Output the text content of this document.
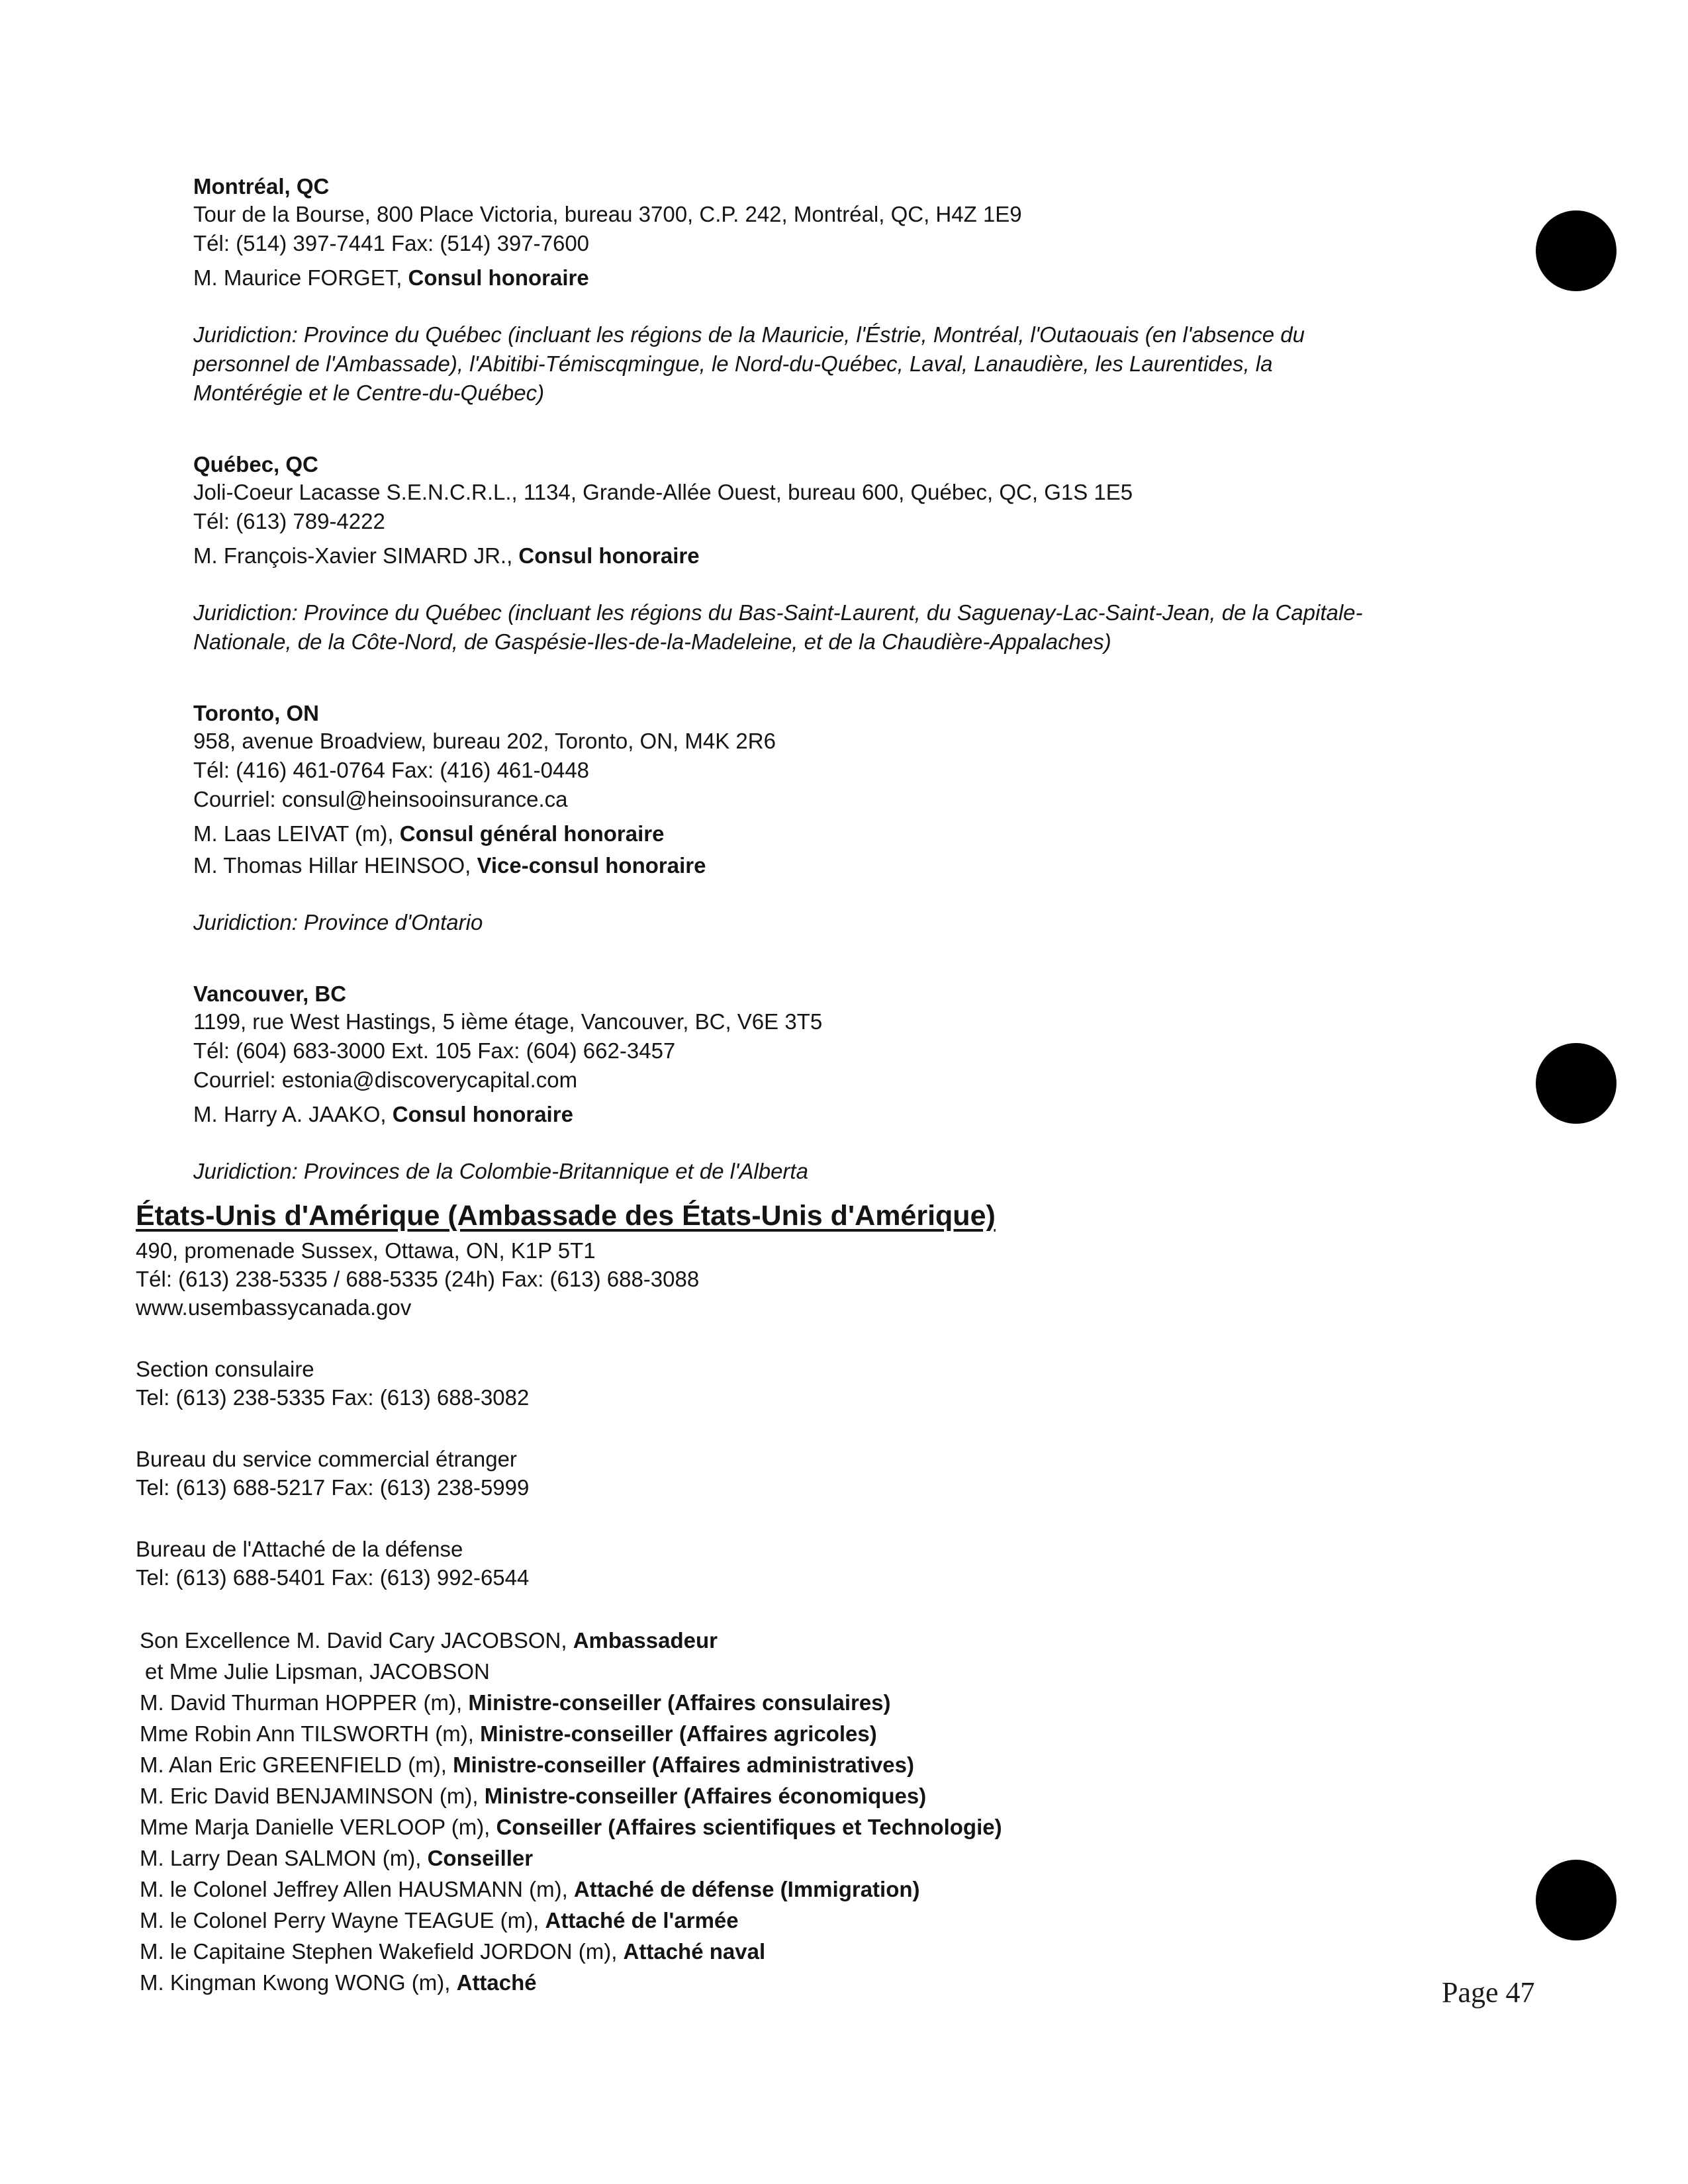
Montréal, QC
Tour de la Bourse, 800 Place Victoria, bureau 3700, C.P. 242, Montréal, QC, H4Z 1E9
Tél: (514) 397-7441 Fax: (514) 397-7600
M. Maurice FORGET, Consul honoraire
Juridiction: Province du Québec (incluant les régions de la Mauricie, l'Éstrie, Montréal, l'Outaouais (en l'absence du
personnel de l'Ambassade), l'Abitibi-Témiscqmingue, le Nord-du-Québec, Laval, Lanaudière, les Laurentides, la
Montérégie et le Centre-du-Québec)
Québec, QC
Joli-Coeur Lacasse S.E.N.C.R.L., 1134, Grande-Allée Ouest, bureau 600, Québec, QC, G1S 1E5
Tél: (613) 789-4222
M. François-Xavier SIMARD JR., Consul honoraire
Juridiction: Province du Québec (incluant les régions du Bas-Saint-Laurent, du Saguenay-Lac-Saint-Jean, de la Capitale-
Nationale, de la Côte-Nord, de Gaspésie-Iles-de-la-Madeleine, et de la Chaudière-Appalaches)
Toronto, ON
958, avenue Broadview, bureau 202, Toronto, ON, M4K 2R6
Tél: (416) 461-0764 Fax: (416) 461-0448
Courriel: consul@heinsooinsurance.ca
M. Laas LEIVAT (m), Consul général honoraire
M. Thomas Hillar HEINSOO, Vice-consul honoraire
Juridiction: Province d'Ontario
Vancouver, BC
1199, rue West Hastings, 5 ième étage, Vancouver, BC, V6E 3T5
Tél: (604) 683-3000 Ext. 105 Fax: (604) 662-3457
Courriel: estonia@discoverycapital.com
M. Harry A. JAAKO, Consul honoraire
Juridiction: Provinces de la Colombie-Britannique et de l'Alberta
États-Unis d'Amérique (Ambassade des États-Unis d'Amérique)
490, promenade Sussex, Ottawa, ON, K1P 5T1
Tél: (613) 238-5335 / 688-5335 (24h) Fax: (613) 688-3088
www.usembassycanada.gov
Section consulaire
Tel: (613) 238-5335 Fax: (613) 688-3082
Bureau du service commercial étranger
Tel: (613) 688-5217 Fax: (613) 238-5999
Bureau de l'Attaché de la défense
Tel: (613) 688-5401 Fax: (613) 992-6544
Son Excellence M. David Cary JACOBSON, Ambassadeur
et Mme Julie Lipsman, JACOBSON
M. David Thurman HOPPER (m), Ministre-conseiller (Affaires consulaires)
Mme Robin Ann TILSWORTH (m), Ministre-conseiller (Affaires agricoles)
M. Alan Eric GREENFIELD (m), Ministre-conseiller (Affaires administratives)
M. Eric David BENJAMINSON (m), Ministre-conseiller (Affaires économiques)
Mme Marja Danielle VERLOOP (m), Conseiller (Affaires scientifiques et Technologie)
M. Larry Dean SALMON (m), Conseiller
M. le Colonel Jeffrey Allen HAUSMANN (m), Attaché de défense (Immigration)
M. le Colonel Perry Wayne TEAGUE (m), Attaché de l'armée
M. le Capitaine Stephen Wakefield JORDON (m), Attaché naval
M. Kingman Kwong WONG (m), Attaché	Page 47
